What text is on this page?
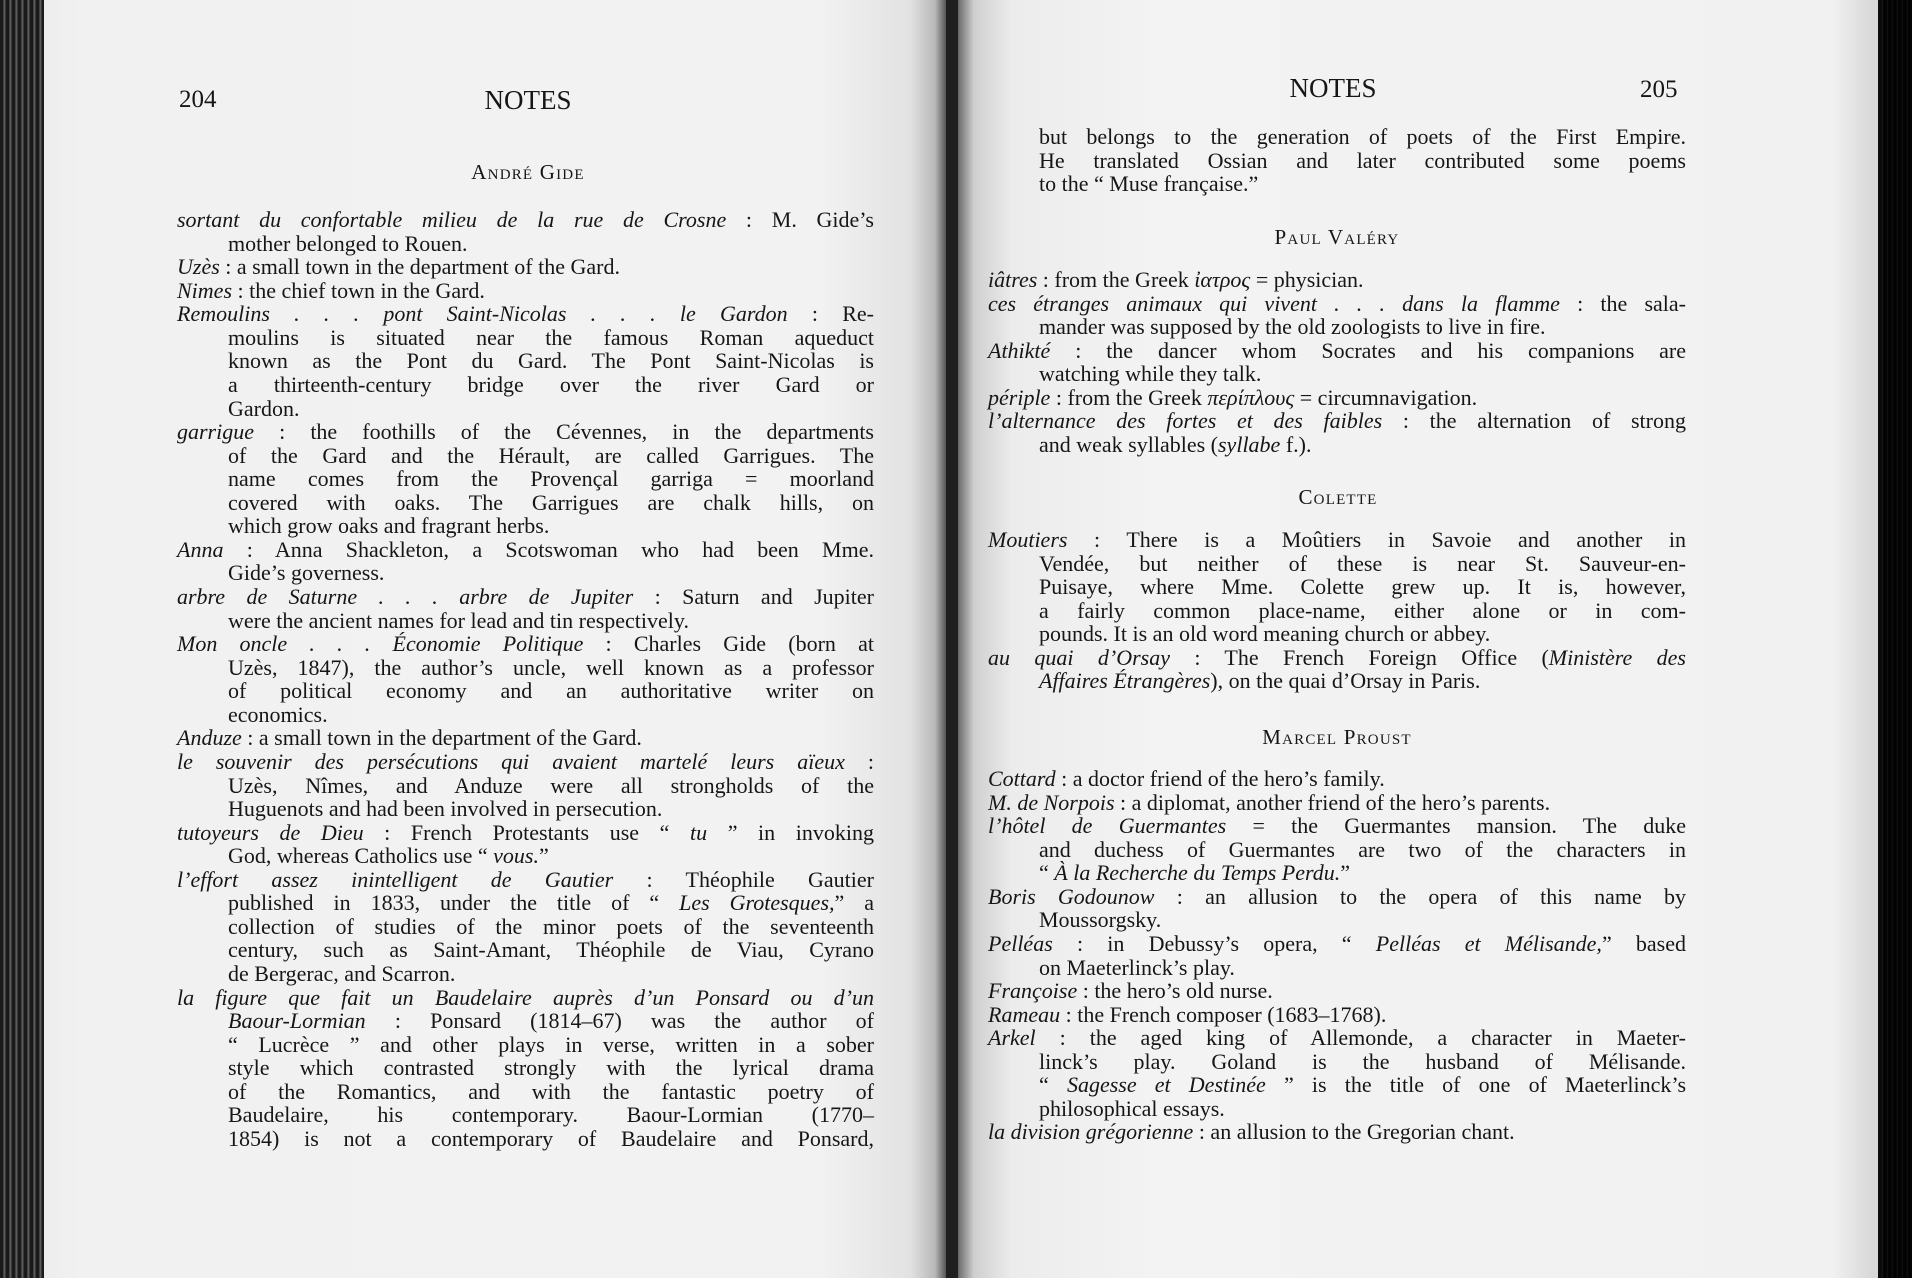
204	NOTES	NOTES	205
André Gide
sortant du confortable milieu de la rue de Crosne : M. Gide’s
mother belonged to Rouen.
Uzès : a small town in the department of the Gard.
Nimes : the chief town in the Gard.
Remoulins . . . pont Saint-Nicolas . . . le Gardon : Re-
moulins is situated near the famous Roman aqueduct
known as the Pont du Gard. The Pont Saint-Nicolas is
a thirteenth-century bridge over the river Gard or
Gardon.
garrigue : the foothills of the Cévennes, in the departments
of the Gard and the Hérault, are called Garrigues. The
name comes from the Provençal garriga = moorland
covered with oaks. The Garrigues are chalk hills, on
which grow oaks and fragrant herbs.
Anna : Anna Shackleton, a Scotswoman who had been Mme.
Gide’s governess.
arbre de Saturne . . . arbre de Jupiter : Saturn and Jupiter
were the ancient names for lead and tin respectively.
Mon oncle . . . Économie Politique : Charles Gide (born at
Uzès, 1847), the author’s uncle, well known as a professor
of political economy and an authoritative writer on
economics.
Anduze : a small town in the department of the Gard.
le souvenir des persécutions qui avaient martelé leurs aïeux :
Uzès, Nîmes, and Anduze were all strongholds of the
Huguenots and had been involved in persecution.
tutoyeurs de Dieu : French Protestants use “ tu ” in invoking
God, whereas Catholics use “ vous.”
l’effort assez inintelligent de Gautier : Théophile Gautier
published in 1833, under the title of “ Les Grotesques,” a
collection of studies of the minor poets of the seventeenth
century, such as Saint-Amant, Théophile de Viau, Cyrano
de Bergerac, and Scarron.
la figure que fait un Baudelaire auprès d’un Ponsard ou d’un
Baour-Lormian : Ponsard (1814–67) was the author of
“ Lucrèce ” and other plays in verse, written in a sober
style which contrasted strongly with the lyrical drama
of the Romantics, and with the fantastic poetry of
Baudelaire, his contemporary. Baour-Lormian (1770–
1854) is not a contemporary of Baudelaire and Ponsard,
but belongs to the generation of poets of the First Empire.
He translated Ossian and later contributed some poems
to the “ Muse française.”
Paul Valéry
iâtres : from the Greek ἰατρος = physician.
ces étranges animaux qui vivent . . . dans la flamme : the sala-
mander was supposed by the old zoologists to live in fire.
Athikté : the dancer whom Socrates and his companions are
watching while they talk.
périple : from the Greek περίπλους = circumnavigation.
l’alternance des fortes et des faibles : the alternation of strong
and weak syllables (syllabe f.).
Colette
Moutiers : There is a Moûtiers in Savoie and another in
Vendée, but neither of these is near St. Sauveur-en-
Puisaye, where Mme. Colette grew up. It is, however,
a fairly common place-name, either alone or in com-
pounds. It is an old word meaning church or abbey.
au quai d’Orsay : The French Foreign Office (Ministère des
Affaires Étrangères), on the quai d’Orsay in Paris.
Marcel Proust
Cottard : a doctor friend of the hero’s family.
M. de Norpois : a diplomat, another friend of the hero’s parents.
l’hôtel de Guermantes = the Guermantes mansion. The duke
and duchess of Guermantes are two of the characters in
“ À la Recherche du Temps Perdu.”
Boris Godounow : an allusion to the opera of this name by
Moussorgsky.
Pelléas : in Debussy’s opera, “ Pelléas et Mélisande,” based
on Maeterlinck’s play.
Françoise : the hero’s old nurse.
Rameau : the French composer (1683–1768).
Arkel : the aged king of Allemonde, a character in Maeter-
linck’s play. Goland is the husband of Mélisande.
“ Sagesse et Destinée ” is the title of one of Maeterlinck’s
philosophical essays.
la division grégorienne : an allusion to the Gregorian chant.
